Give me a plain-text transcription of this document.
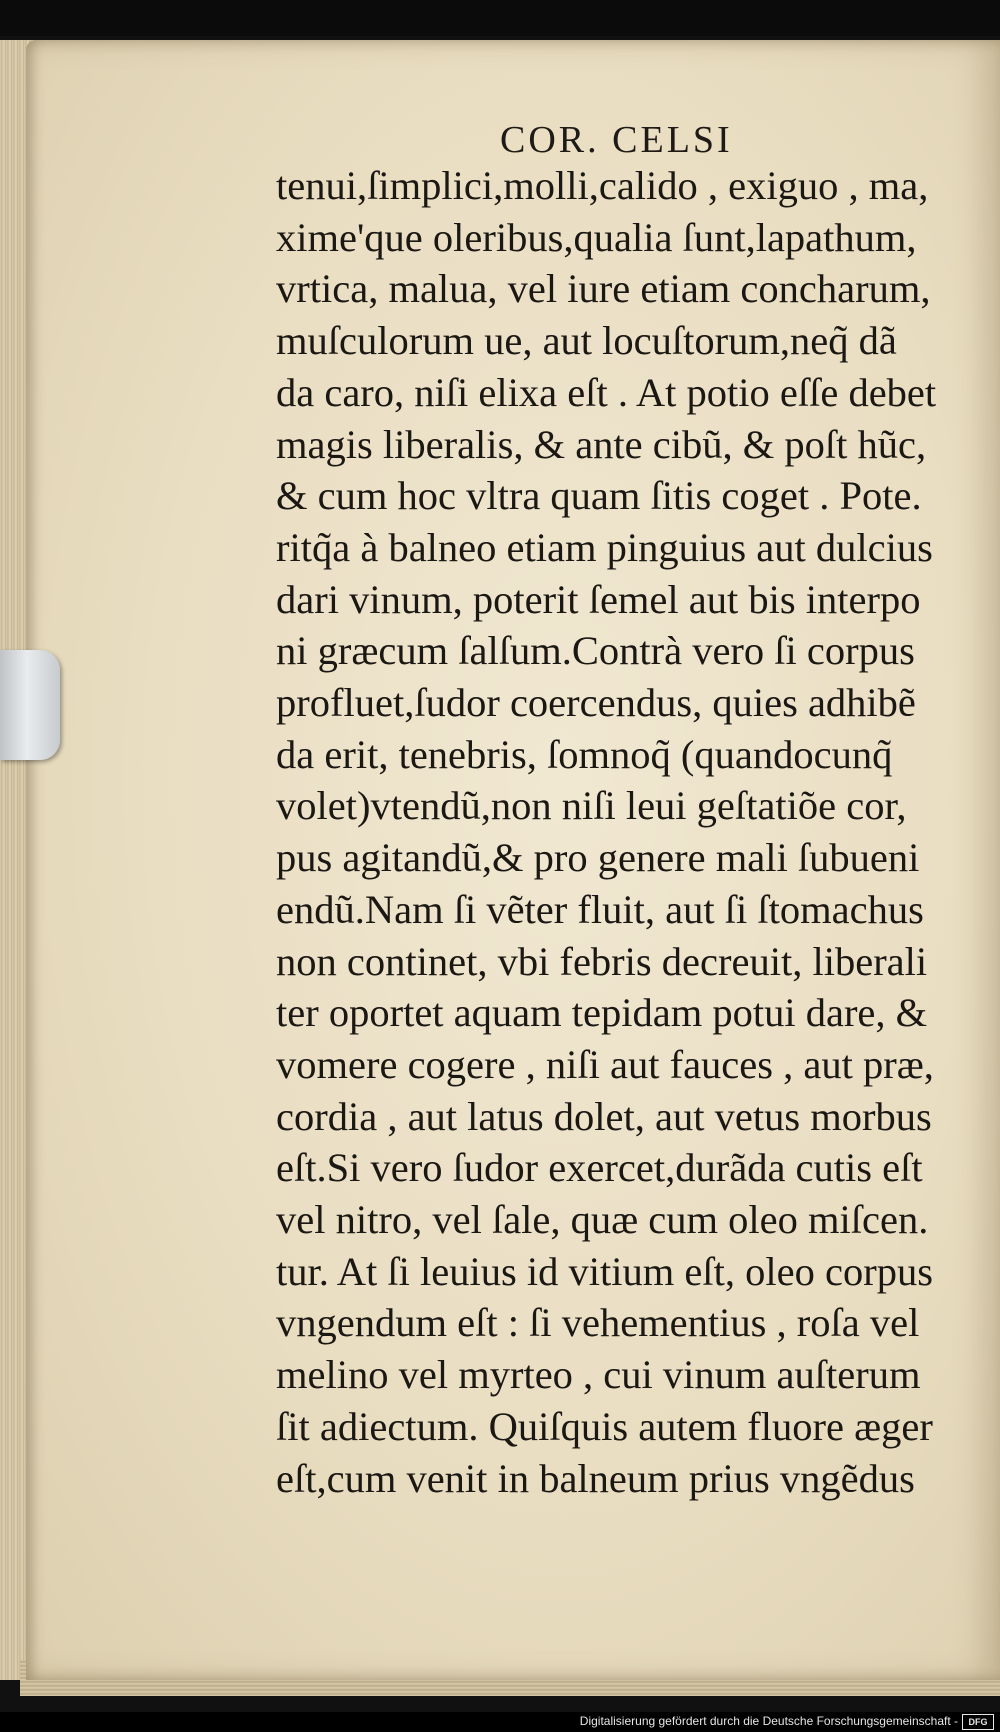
COR. CELSI
tenui,ſimplici,molli,calido , exiguo , ma,
xime'que oleribus,qualia ſunt,lapathum,
vrtica, malua, vel iure etiam concharum,
muſculorum ue, aut locuſtorum,neq̃ dã
da caro, niſi elixa eſt . At potio eſſe debet
magis liberalis, & ante cibũ, & poſt hũc,
& cum hoc vltra quam ſitis coget . Pote.
ritq̃a à balneo etiam pinguius aut dulcius
dari vinum, poterit ſemel aut bis interpo
ni græcum ſalſum.Contrà vero ſi corpus
profluet,ſudor coercendus, quies adhibẽ
da erit, tenebris, ſomnoq̃ (quandocunq̃
volet)vtendũ,non niſi leui geſtatiõe cor,
pus agitandũ,& pro genere mali ſubueni
endũ.Nam ſi vẽter fluit, aut ſi ſtomachus
non continet, vbi febris decreuit, liberali
ter oportet aquam tepidam potui dare, &
vomere cogere , niſi aut fauces , aut præ,
cordia , aut latus dolet, aut vetus morbus
eſt.Si vero ſudor exercet,durãda cutis eſt
vel nitro, vel ſale, quæ cum oleo miſcen.
tur. At ſi leuius id vitium eſt, oleo corpus
vngendum eſt : ſi vehementius , roſa vel
melino vel myrteo , cui vinum auſterum
ſit adiectum. Quiſquis autem fluore æger
eſt,cum venit in balneum prius vngẽdus
Digitalisierung gefördert durch die Deutsche Forschungsgemeinschaft -	DFG
